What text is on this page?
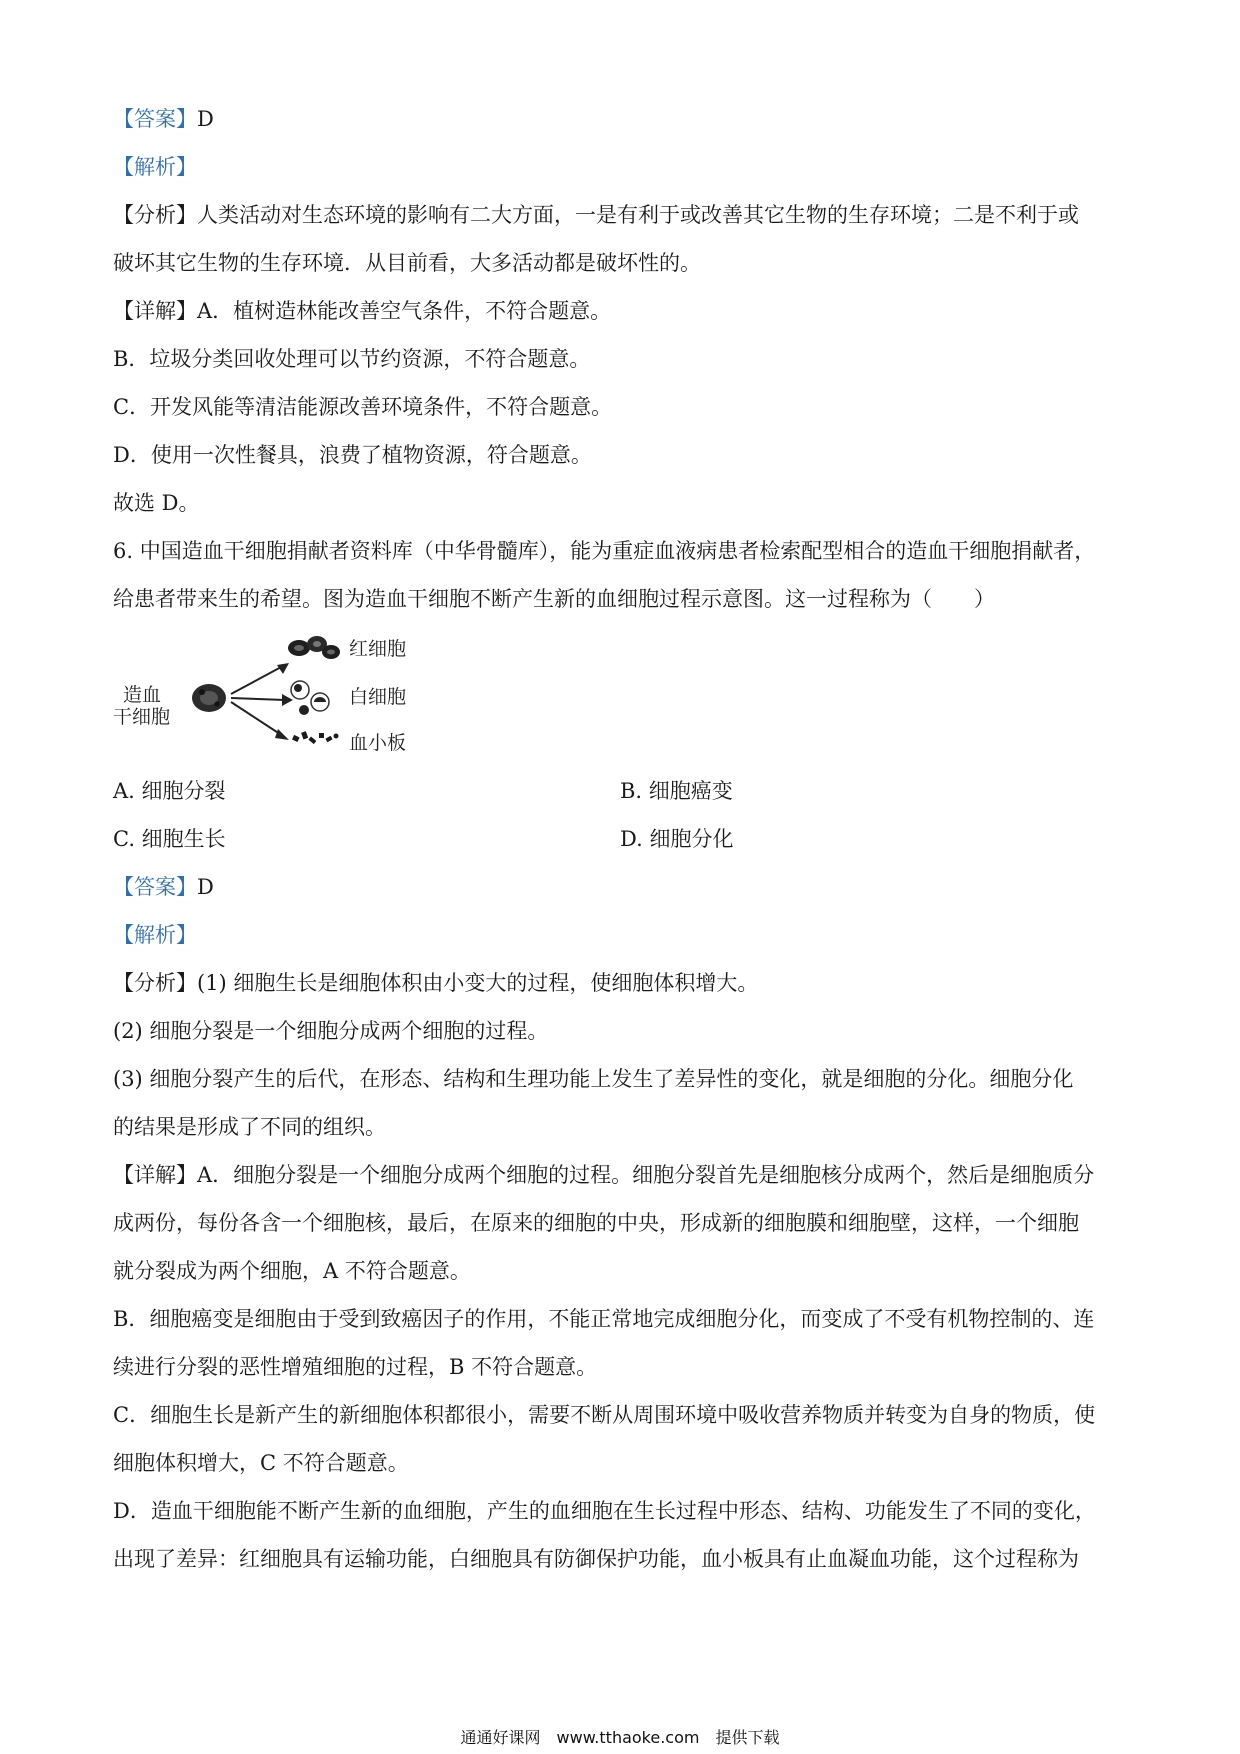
【答案】D
【解析】
【分析】人类活动对生态环境的影响有二大方面，一是有利于或改善其它生物的生存环境；二是不利于或
破坏其它生物的生存环境．从目前看，大多活动都是破坏性的。
【详解】A．植树造林能改善空气条件，不符合题意。
B．垃圾分类回收处理可以节约资源，不符合题意。
C．开发风能等清洁能源改善环境条件，不符合题意。
D．使用一次性餐具，浪费了植物资源，符合题意。
故选 D。
6. 中国造血干细胞捐献者资料库（中华骨髓库），能为重症血液病患者检索配型相合的造血干细胞捐献者，
给患者带来生的希望。图为造血干细胞不断产生新的血细胞过程示意图。这一过程称为（　　）
造血
干细胞
红细胞
白细胞
血小板
A. 细胞分裂	B. 细胞癌变
C. 细胞生长	D. 细胞分化
【答案】D
【解析】
【分析】(1) 细胞生长是细胞体积由小变大的过程，使细胞体积增大。
(2) 细胞分裂是一个细胞分成两个细胞的过程。
(3) 细胞分裂产生的后代，在形态、结构和生理功能上发生了差异性的变化，就是细胞的分化。细胞分化
的结果是形成了不同的组织。
【详解】A．细胞分裂是一个细胞分成两个细胞的过程。细胞分裂首先是细胞核分成两个，然后是细胞质分
成两份，每份各含一个细胞核，最后，在原来的细胞的中央，形成新的细胞膜和细胞壁，这样，一个细胞
就分裂成为两个细胞，A 不符合题意。
B．细胞癌变是细胞由于受到致癌因子的作用，不能正常地完成细胞分化，而变成了不受有机物控制的、连
续进行分裂的恶性增殖细胞的过程，B 不符合题意。
C．细胞生长是新产生的新细胞体积都很小，需要不断从周围环境中吸收营养物质并转变为自身的物质，使
细胞体积增大，C 不符合题意。
D．造血干细胞能不断产生新的血细胞，产生的血细胞在生长过程中形态、结构、功能发生了不同的变化，
出现了差异：红细胞具有运输功能，白细胞具有防御保护功能，血小板具有止血凝血功能，这个过程称为
通通好课网　www.tthaoke.com　提供下载
